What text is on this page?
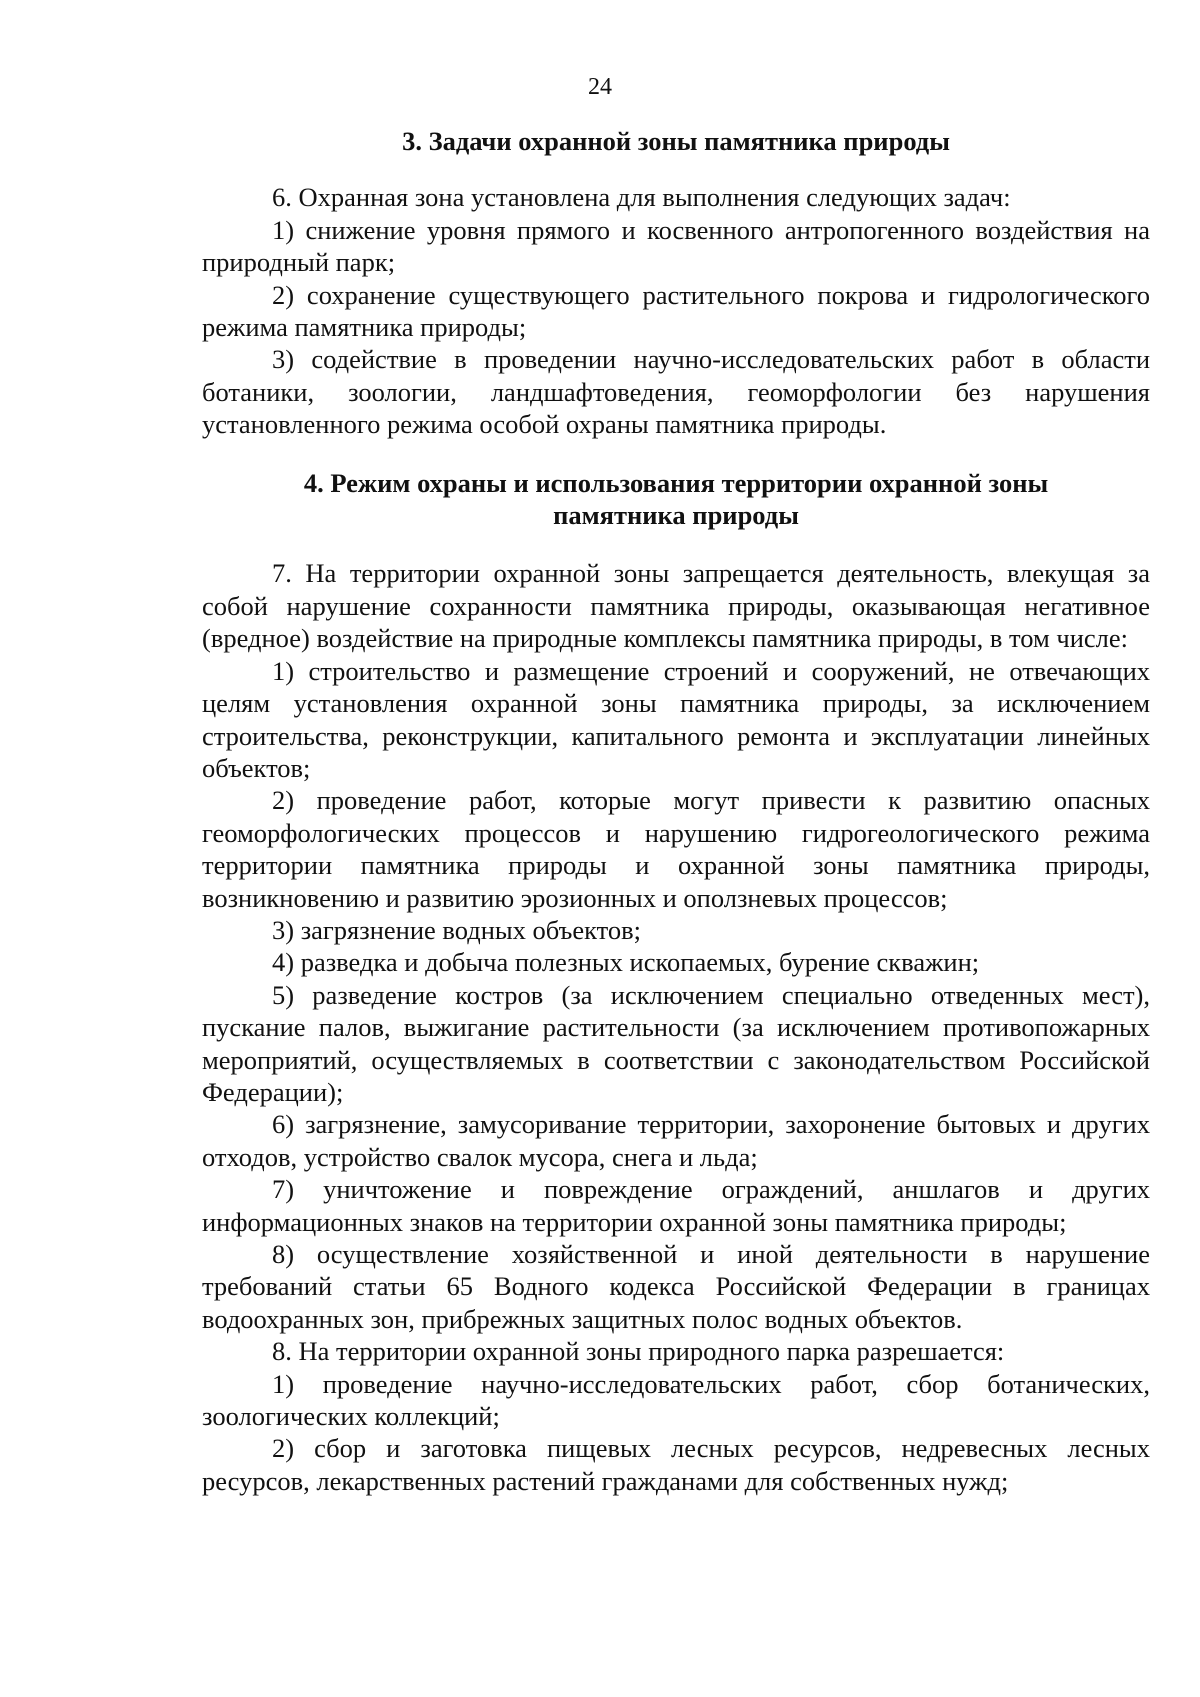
24
3. Задачи охранной зоны памятника природы

6. Охранная зона установлена для выполнения следующих задач:

1) снижение уровня прямого и косвенного антропогенного воздействия на природный парк;

2) сохранение существующего растительного покрова и гидрологического режима памятника природы;

3) содействие в проведении научно-исследовательских работ в области ботаники, зоологии, ландшафтоведения, геоморфологии без нарушения установленного режима особой охраны памятника природы.

4. Режим охраны и использования территории охранной зоны
памятника природы

7. На территории охранной зоны запрещается деятельность, влекущая за собой нарушение сохранности памятника природы, оказывающая негативное (вредное) воздействие на природные комплексы памятника природы, в том числе:

1) строительство и размещение строений и сооружений, не отвечающих целям установления охранной зоны памятника природы, за исключением строительства, реконструкции, капитального ремонта и эксплуатации линейных объектов;

2) проведение работ, которые могут привести к развитию опасных геоморфологических процессов и нарушению гидрогеологического режима территории памятника природы и охранной зоны памятника природы, возникновению и развитию эрозионных и оползневых процессов;

3) загрязнение водных объектов;

4) разведка и добыча полезных ископаемых, бурение скважин;

5) разведение костров (за исключением специально отведенных мест), пускание палов, выжигание растительности (за исключением противопожарных мероприятий, осуществляемых в соответствии с законодательством Российской Федерации);

6) загрязнение, замусоривание территории, захоронение бытовых и других отходов, устройство свалок мусора, снега и льда;

7) уничтожение и повреждение ограждений, аншлагов и других информационных знаков на территории охранной зоны памятника природы;

8) осуществление хозяйственной и иной деятельности в нарушение требований статьи 65 Водного кодекса Российской Федерации в границах водоохранных зон, прибрежных защитных полос водных объектов.

8. На территории охранной зоны природного парка разрешается:

1) проведение научно-исследовательских работ, сбор ботанических, зоологических коллекций;

2) сбор и заготовка пищевых лесных ресурсов, недревесных лесных ресурсов, лекарственных растений гражданами для собственных нужд;
